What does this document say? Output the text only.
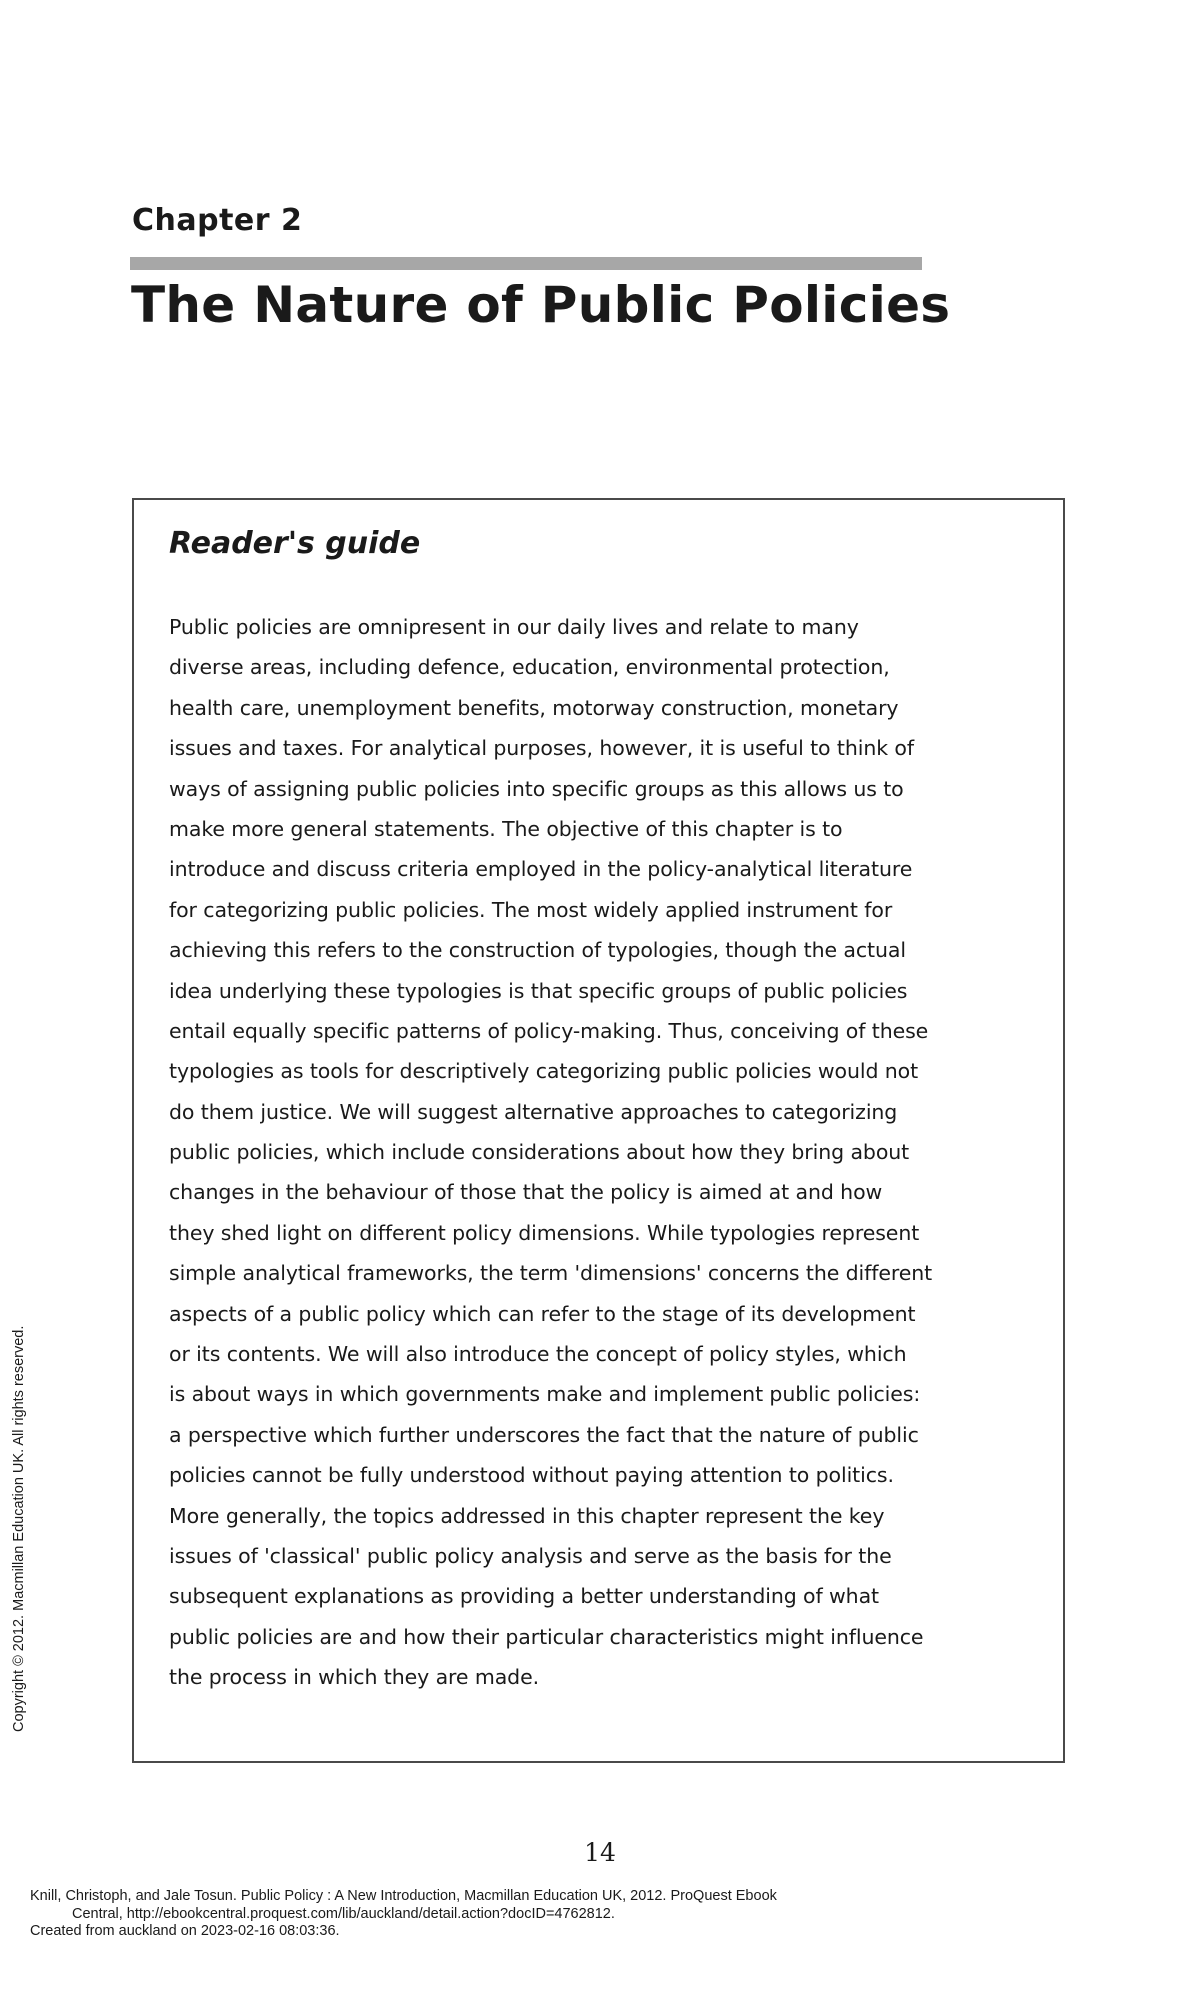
Chapter 2
The Nature of Public Policies
Reader's guide
Public policies are omnipresent in our daily lives and relate to many
diverse areas, including defence, education, environmental protection,
health care, unemployment benefits, motorway construction, monetary
issues and taxes. For analytical purposes, however, it is useful to think of
ways of assigning public policies into specific groups as this allows us to
make more general statements. The objective of this chapter is to
introduce and discuss criteria employed in the policy-analytical literature
for categorizing public policies. The most widely applied instrument for
achieving this refers to the construction of typologies, though the actual
idea underlying these typologies is that specific groups of public policies
entail equally specific patterns of policy-making. Thus, conceiving of these
typologies as tools for descriptively categorizing public policies would not
do them justice. We will suggest alternative approaches to categorizing
public policies, which include considerations about how they bring about
changes in the behaviour of those that the policy is aimed at and how
they shed light on different policy dimensions. While typologies represent
simple analytical frameworks, the term 'dimensions' concerns the different
aspects of a public policy which can refer to the stage of its development
or its contents. We will also introduce the concept of policy styles, which
is about ways in which governments make and implement public policies:
a perspective which further underscores the fact that the nature of public
policies cannot be fully understood without paying attention to politics.
More generally, the topics addressed in this chapter represent the key
issues of 'classical' public policy analysis and serve as the basis for the
subsequent explanations as providing a better understanding of what
public policies are and how their particular characteristics might influence
the process in which they are made.
Copyright © 2012. Macmillan Education UK. All rights reserved.
14
Knill, Christoph, and Jale Tosun. Public Policy : A New Introduction, Macmillan Education UK, 2012. ProQuest Ebook
Central, http://ebookcentral.proquest.com/lib/auckland/detail.action?docID=4762812.
Created from auckland on 2023-02-16 08:03:36.
